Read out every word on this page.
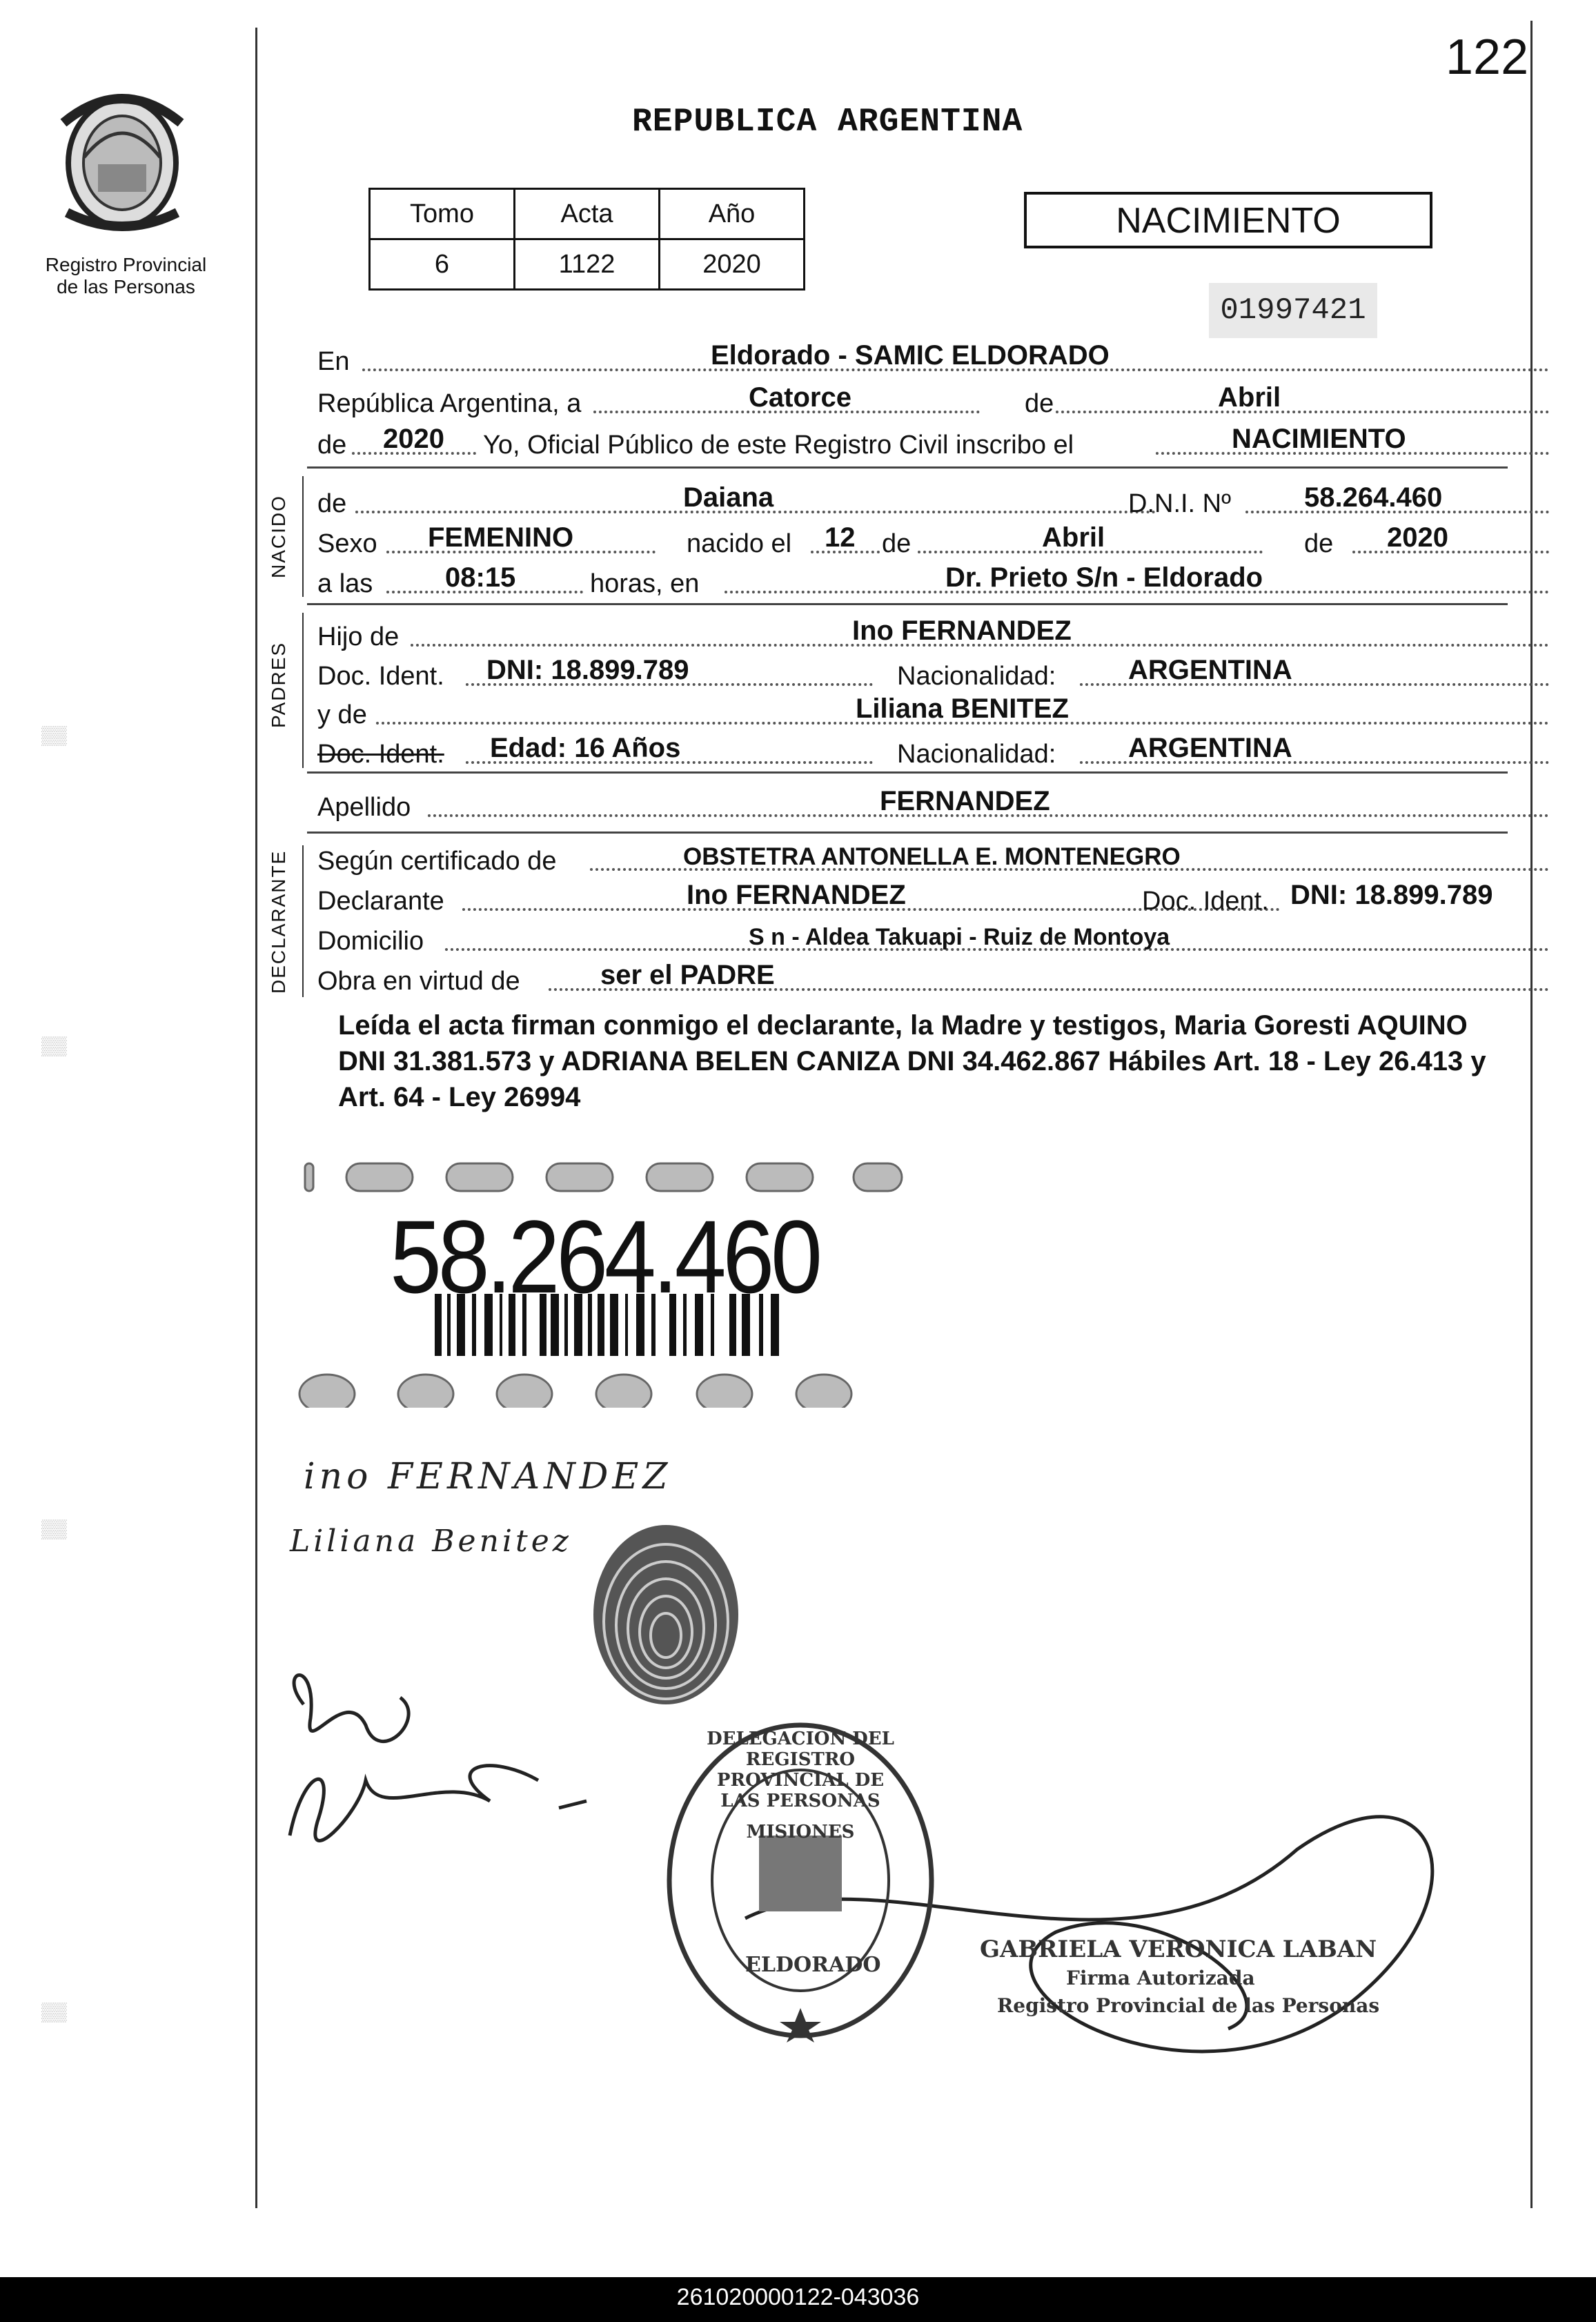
▒▒
▒▒
▒▒
▒▒
122
Registro Provincial
de las Personas
REPUBLICA ARGENTINA
Tomo	Acta	Año
6	1122	2020
NACIMIENTO
01997421
En	Eldorado - SAMIC ELDORADO
República Argentina, a	Catorce	de	Abril
de 2020 Yo, Oficial Público de este Registro Civil inscribo el	NACIMIENTO
NACIDO de	Daiana	D.N.I. Nº	58.264.460
Sexo FEMENINO	nacido el 12 de	Abril	de 2020
a las	08:15	horas, en	Dr. Prieto S/n - Eldorado
PADRES
Hijo de	Ino FERNANDEZ
Doc. Ident. DNI: 18.899.789	Nacionalidad:	ARGENTINA
y de	Liliana BENITEZ
Doc. Ident. Edad: 16 Años	Nacionalidad:	ARGENTINA
Apellido	FERNANDEZ
DECLARANTE Según certificado de	OBSTETRA ANTONELLA E. MONTENEGRO
Declarante	Ino FERNANDEZ	Doc. Ident. DNI: 18.899.789
Domicilio	S n - Aldea Takuapi - Ruiz de Montoya
Obra en virtud de	ser el PADRE
Leída el acta firman conmigo el declarante, la Madre y testigos, Maria Goresti AQUINO DNI 31.381.573 y ADRIANA BELEN CANIZA DNI 34.462.867 Hábiles Art. 18 - Ley 26.413 y Art. 64 - Ley 26994
58.264.460
ino FERNANDEZ
Liliana Benitez
DELEGACION DEL REGISTRO PROVINCIAL DE LAS PERSONAS
ELDORADO
MISIONES
GABRIELA VERONICA LABAN
Firma Autorizada
Registro Provincial de las Personas
261020000122-043036
